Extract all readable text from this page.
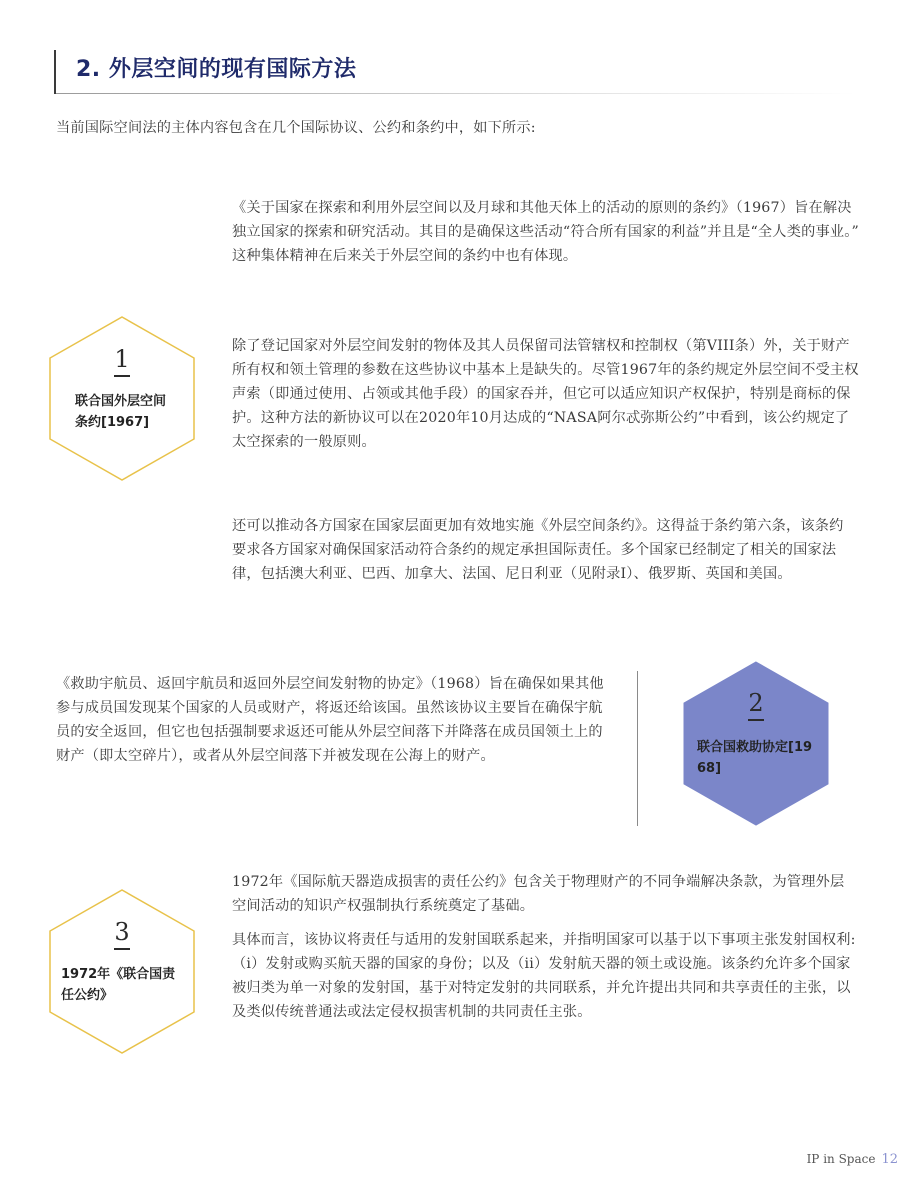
2. 外层空间的现有国际方法

当前国际空间法的主体内容包含在几个国际协议、公约和条约中，如下所示:

《关于国家在探索和利用外层空间以及月球和其他天体上的活动的原则的条约》（1967）旨在解决独立国家的探索和研究活动。其目的是确保这些活动“符合所有国家的利益”并且是“全人类的事业。” 这种集体精神在后来关于外层空间的条约中也有体现。

1

联合国外层空间条约[1967]

除了登记国家对外层空间发射的物体及其人员保留司法管辖权和控制权（第VIII条）外，关于财产所有权和领土管理的参数在这些协议中基本上是缺失的。尽管1967年的条约规定外层空间不受主权声索（即通过使用、占领或其他手段）的国家吞并，但它可以适应知识产权保护，特别是商标的保护。这种方法的新协议可以在2020年10月达成的“NASA阿尔忒弥斯公约”中看到，该公约规定了太空探索的一般原则。

还可以推动各方国家在国家层面更加有效地实施《外层空间条约》。这得益于条约第六条，该条约要求各方国家对确保国家活动符合条约的规定承担国际责任。多个国家已经制定了相关的国家法律，包括澳大利亚、巴西、加拿大、法国、尼日利亚（见附录I）、俄罗斯、英国和美国。

《救助宇航员、返回宇航员和返回外层空间发射物的协定》（1968）旨在确保如果其他参与成员国发现某个国家的人员或财产，将返还给该国。虽然该协议主要旨在确保宇航员的安全返回，但它也包括强制要求返还可能从外层空间落下并降落在成员国领土上的财产（即太空碎片），或者从外层空间落下并被发现在公海上的财产。

2

联合国救助协定[1968]

1972年《国际航天器造成损害的责任公约》包含关于物理财产的不同争端解决条款，为管理外层空间活动的知识产权强制执行系统奠定了基础。

3

1972年《联合国责任公约》

具体而言，该协议将责任与适用的发射国联系起来，并指明国家可以基于以下事项主张发射国权利:（i）发射或购买航天器的国家的身份；以及（ii）发射航天器的领土或设施。该条约允许多个国家被归类为单一对象的发射国，基于对特定发射的共同联系，并允许提出共同和共享责任的主张，以及类似传统普通法或法定侵权损害机制的共同责任主张。

IP in Space 12
